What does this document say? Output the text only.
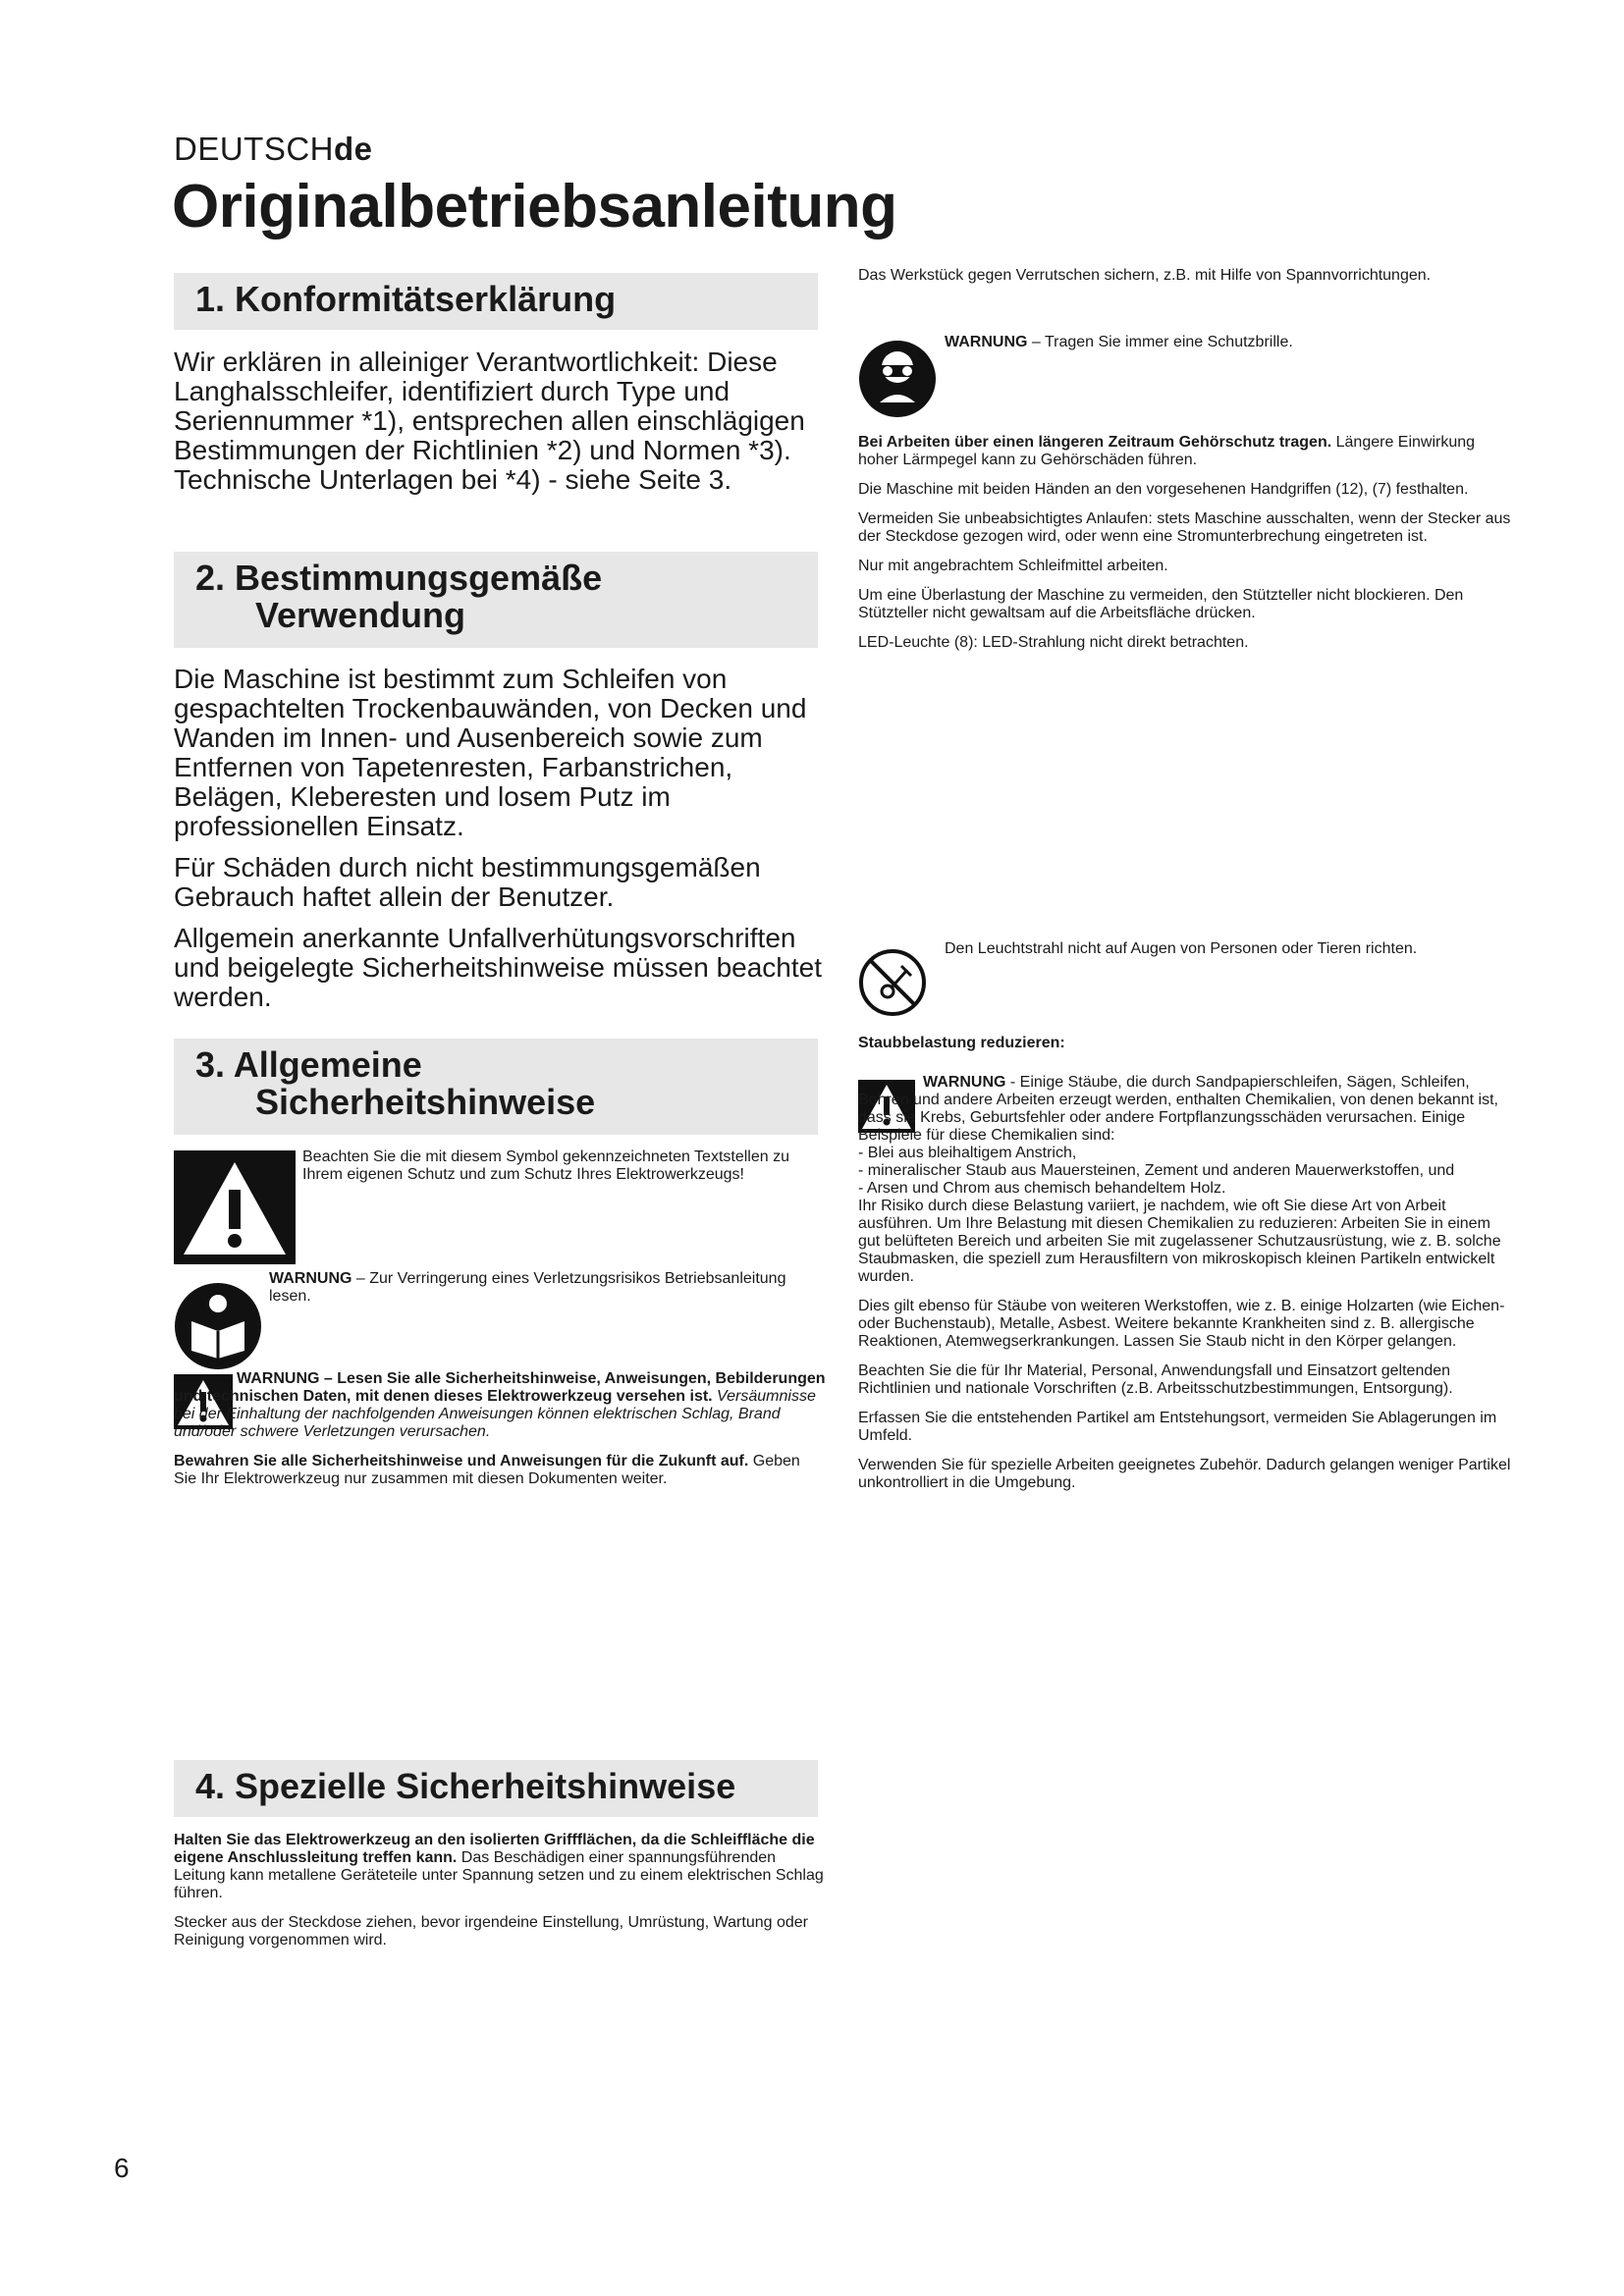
DEUTSCHde
Originalbetriebsanleitung
1. Konformitätserklärung

Wir erklären in alleiniger Verantwortlichkeit: Diese Langhalsschleifer, identifiziert durch Type und Seriennummer *1), entsprechen allen einschlägigen Bestimmungen der Richtlinien *2) und Normen *3). Technische Unterlagen bei *4) - siehe Seite 3.

2. Bestimmungsgemäße
Verwendung

Die Maschine ist bestimmt zum Schleifen von gespachtelten Trockenbauwänden, von Decken und Wanden im Innen- und Ausenbereich sowie zum Entfernen von Tapetenresten, Farbanstrichen, Belägen, Kleberesten und losem Putz im professionellen Einsatz.

Für Schäden durch nicht bestimmungsgemäßen Gebrauch haftet allein der Benutzer.

Allgemein anerkannte Unfallverhütungsvorschriften und beigelegte Sicherheitshinweise müssen beachtet werden.

3. Allgemeine
Sicherheitshinweise

Beachten Sie die mit diesem Symbol gekennzeichneten Textstellen zu Ihrem eigenen Schutz und zum Schutz Ihres Elektrowerkzeugs!

WARNUNG – Zur Verringerung eines Verletzungsrisikos Betriebsanleitung lesen.

WARNUNG – Lesen Sie alle Sicherheitshinweise, Anweisungen, Bebilderungen und technischen Daten, mit denen dieses Elektrowerkzeug versehen ist. Versäumnisse bei der Einhaltung der nachfolgenden Anweisungen können elektrischen Schlag, Brand und/oder schwere Verletzungen verursachen.

Bewahren Sie alle Sicherheitshinweise und Anweisungen für die Zukunft auf. Geben Sie Ihr Elektrowerkzeug nur zusammen mit diesen Dokumenten weiter.

4. Spezielle Sicherheitshinweise

Halten Sie das Elektrowerkzeug an den isolierten Griffflächen, da die Schleiffläche die eigene Anschlussleitung treffen kann. Das Beschädigen einer spannungsführenden Leitung kann metallene Geräteteile unter Spannung setzen und zu einem elektrischen Schlag führen.

Stecker aus der Steckdose ziehen, bevor irgendeine Einstellung, Umrüstung, Wartung oder Reinigung vorgenommen wird.

6

Das Werkstück gegen Verrutschen sichern, z.B. mit Hilfe von Spannvorrichtungen.

WARNUNG – Tragen Sie immer eine Schutzbrille.

Bei Arbeiten über einen längeren Zeitraum Gehörschutz tragen. Längere Einwirkung hoher Lärmpegel kann zu Gehörschäden führen.

Die Maschine mit beiden Händen an den vorgesehenen Handgriffen (12), (7) festhalten.

Vermeiden Sie unbeabsichtigtes Anlaufen: stets Maschine ausschalten, wenn der Stecker aus der Steckdose gezogen wird, oder wenn eine Stromunterbrechung eingetreten ist.

Nur mit angebrachtem Schleifmittel arbeiten.

Um eine Überlastung der Maschine zu vermeiden, den Stützteller nicht blockieren. Den Stützteller nicht gewaltsam auf die Arbeitsfläche drücken.

LED-Leuchte (8): LED-Strahlung nicht direkt betrachten.

Den Leuchtstrahl nicht auf Augen von Personen oder Tieren richten.

Staubbelastung reduzieren:

WARNUNG - Einige Stäube, die durch Sandpapierschleifen, Sägen, Schleifen, Bohren und andere Arbeiten erzeugt werden, enthalten Chemikalien, von denen bekannt ist, dass sie Krebs, Geburtsfehler oder andere Fortpflanzungsschäden verursachen. Einige Beispiele für diese Chemikalien sind:

- Blei aus bleihaltigem Anstrich,
- mineralischer Staub aus Mauersteinen, Zement und anderen Mauerwerkstoffen, und
- Arsen und Chrom aus chemisch behandeltem Holz.

Ihr Risiko durch diese Belastung variiert, je nachdem, wie oft Sie diese Art von Arbeit ausführen. Um Ihre Belastung mit diesen Chemikalien zu reduzieren: Arbeiten Sie in einem gut belüfteten Bereich und arbeiten Sie mit zugelassener Schutzausrüstung, wie z. B. solche Staubmasken, die speziell zum Herausfiltern von mikroskopisch kleinen Partikeln entwickelt wurden.

Dies gilt ebenso für Stäube von weiteren Werkstoffen, wie z. B. einige Holzarten (wie Eichen- oder Buchenstaub), Metalle, Asbest. Weitere bekannte Krankheiten sind z. B. allergische Reaktionen, Atemwegserkrankungen. Lassen Sie Staub nicht in den Körper gelangen.

Beachten Sie die für Ihr Material, Personal, Anwendungsfall und Einsatzort geltenden Richtlinien und nationale Vorschriften (z.B. Arbeitsschutzbestimmungen, Entsorgung).

Erfassen Sie die entstehenden Partikel am Entstehungsort, vermeiden Sie Ablagerungen im Umfeld.

Verwenden Sie für spezielle Arbeiten geeignetes Zubehör. Dadurch gelangen weniger Partikel unkontrolliert in die Umgebung.
